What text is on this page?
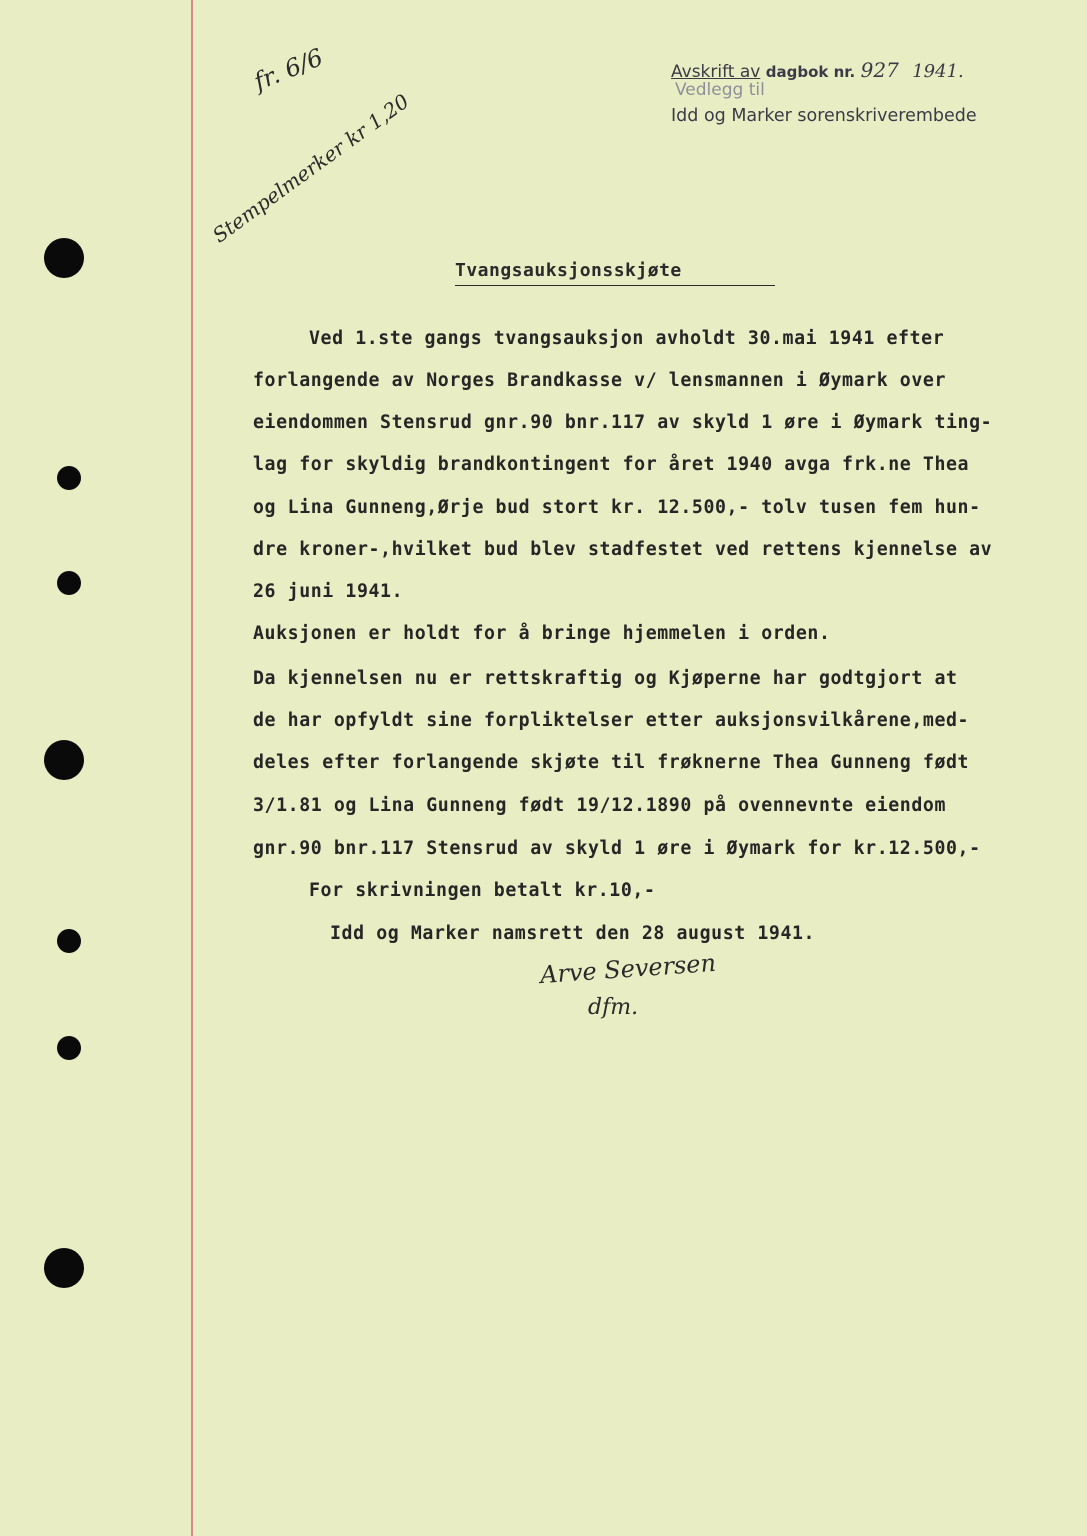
Avskrift av dagbok nr. 927 1941.
Vedlegg til
Idd og Marker sorenskriverembede
fr. 6/6
Stempelmerker kr 1,20
Tvangsauksjonsskjøte
Ved 1.ste gangs tvangsauksjon avholdt 30.mai 1941 efter
forlangende av Norges Brandkasse v/ lensmannen i Øymark over
eiendommen Stensrud gnr.90 bnr.117 av skyld 1 øre i Øymark ting-
lag for skyldig brandkontingent for året 1940 avga frk.ne Thea
og Lina Gunneng,Ørje bud stort kr. 12.500,- tolv tusen fem hun-
dre kroner-,hvilket bud blev stadfestet ved rettens kjennelse av
26 juni 1941.
Auksjonen er holdt for å bringe hjemmelen i orden.
Da kjennelsen nu er rettskraftig og Kjøperne har godtgjort at
de har opfyldt sine forpliktelser etter auksjonsvilkårene,med-
deles efter forlangende skjøte til frøknerne Thea Gunneng født
3/1.81 og Lina Gunneng født 19/12.1890 på ovennevnte eiendom
gnr.90 bnr.117 Stensrud av skyld 1 øre i Øymark for kr.12.500,-
For skrivningen betalt kr.10,-
Idd og Marker namsrett den 28 august 1941.
Arve Seversen
dfm.
